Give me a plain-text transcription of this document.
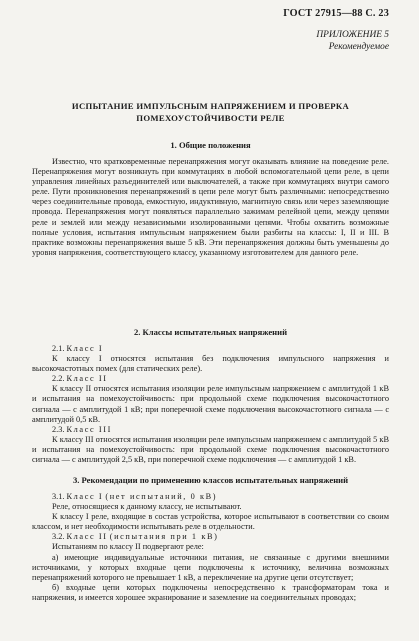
ГОСТ 27915—88 С. 23
ПРИЛОЖЕНИЕ 5
Рекомендуемое
ИСПЫТАНИЕ ИМПУЛЬСНЫМ НАПРЯЖЕНИЕМ И ПРОВЕРКА
ПОМЕХОУСТОЙЧИВОСТИ РЕЛЕ
1. Общие положения

Известно, что кратковременные перенапряжения могут оказывать влияние на поведение реле. Перенапряжения могут возникнуть при коммутациях в любой вспомогательной цепи реле, в цепи управления линейных разъединителей или выключателей, а также при коммутациях внутри самого реле. Пути проникновения перенапряжений в цепи реле могут быть различными: непосредственно через соединительные провода, емкостную, индуктивную, магнитную связь или через заземляющие провода. Перенапряжения могут появляться параллельно зажимам релейной цепи, между цепями реле и землей или между независимыми изолированными цепями. Чтобы охватить возможные полные условия, испытания импульсным напряжением были разбиты на классы: I, II и III. В практике возможны перенапряжения выше 5 кВ. Эти перенапряжения должны быть уменьшены до уровня напряжения, соответствующего классу, указанному изготовителем для данного реле.

2. Классы испытательных напряжений

2.1. Класс I

К классу I относятся испытания без подключения импульсного напряжения и высокочастотных помех (для статических реле).

2.2. Класс II

К классу II относятся испытания изоляции реле импульсным напряжением с амплитудой 1 кВ и испытания на помехоустойчивость: при продольной схеме подключения высокочастотного сигнала — с амплитудой 1 кВ; при поперечной схеме подключения высокочастотного сигнала — с амплитудой 0,5 кВ.

2.3. Класс III

К классу III относятся испытания изоляции реле импульсным напряжением с амплитудой 5 кВ и испытания на помехоустойчивость: при продольной схеме подключения высокочастотного сигнала — с амплитудой 2,5 кВ, при поперечной схеме подключения — с амплитудой 1 кВ.

3. Рекомендации по применению классов испытательных напряжений

3.1. Класс I (нет испытаний, 0 кВ)

Реле, относящиеся к данному классу, не испытывают.

К классу I реле, входящие в состав устройства, которое испытывают в соответствии со своим классом, и нет необходимости испытывать реле в отдельности.

3.2. Класс II (испытания при 1 кВ)

Испытаниям по классу II подвергают реле:

а) имеющие индивидуальные источники питания, не связанные с другими внешними источниками, у которых входные цепи подключены к источнику, величина возможных перенапряжений которого не превышает 1 кВ, а перекличение на другие цепи отсутствует;

б) входные цепи которых подключены непосредственно к трансформаторам тока и напряжения, и имеется хорошее экранирование и заземление на соединительных проводах;
